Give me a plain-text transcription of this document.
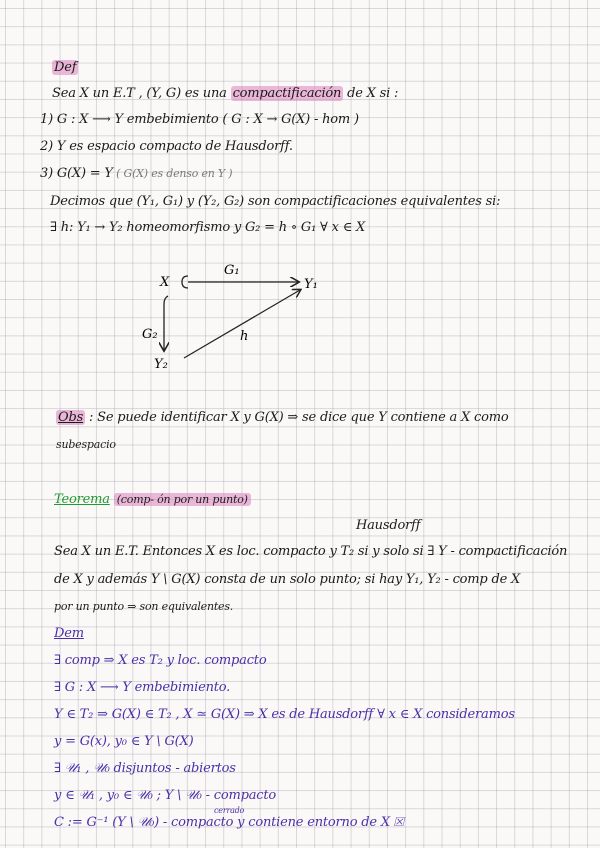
Def
Sea X un E.T , (Y, G) es una compactificación de X si :
1) G : X ⟶ Y embebimiento ( G : X → G(X) - hom )
2) Y es espacio compacto de Hausdorff.
3) G(X) = Y ( G(X) es denso en Y )
Decimos que (Y₁, G₁) y (Y₂, G₂) son compactificaciones equivalentes si:
∃ h: Y₁ → Y₂ homeomorfismo y G₂ = h ∘ G₁ ∀ x ∈ X
X	Y₁
Y₂
G₁
G₂	h
Obs : Se puede identificar X y G(X) ⇒ se dice que Y contiene a X como
subespacio
Teorema (comp- ón por un punto)
Hausdorff
Sea X un E.T. Entonces X es loc. compacto y T₂ si y solo si ∃ Y - compactificación
de X y además Y \ G(X) consta de un solo punto; si hay Y₁, Y₂ - comp de X
por un punto ⇒ son equivalentes.
Dem
∃ comp ⇒ X es T₂ y loc. compacto
∃ G : X ⟶ Y embebimiento.
Y ∈ T₂ ⇒ G(X) ∈ T₂ , X ≃ G(X) ⇒ X es de Hausdorff ∀ x ∈ X consideramos
y = G(x), y₀ ∈ Y \ G(X)
∃ 𝒰₁ , 𝒰₀ disjuntos - abiertos
y ∈ 𝒰₁ , y₀ ∈ 𝒰₀ ; Y \ 𝒰₀ - compacto
cerrado
C := G⁻¹ (Y \ 𝒰₀) - compacto y contiene entorno de X ☒
